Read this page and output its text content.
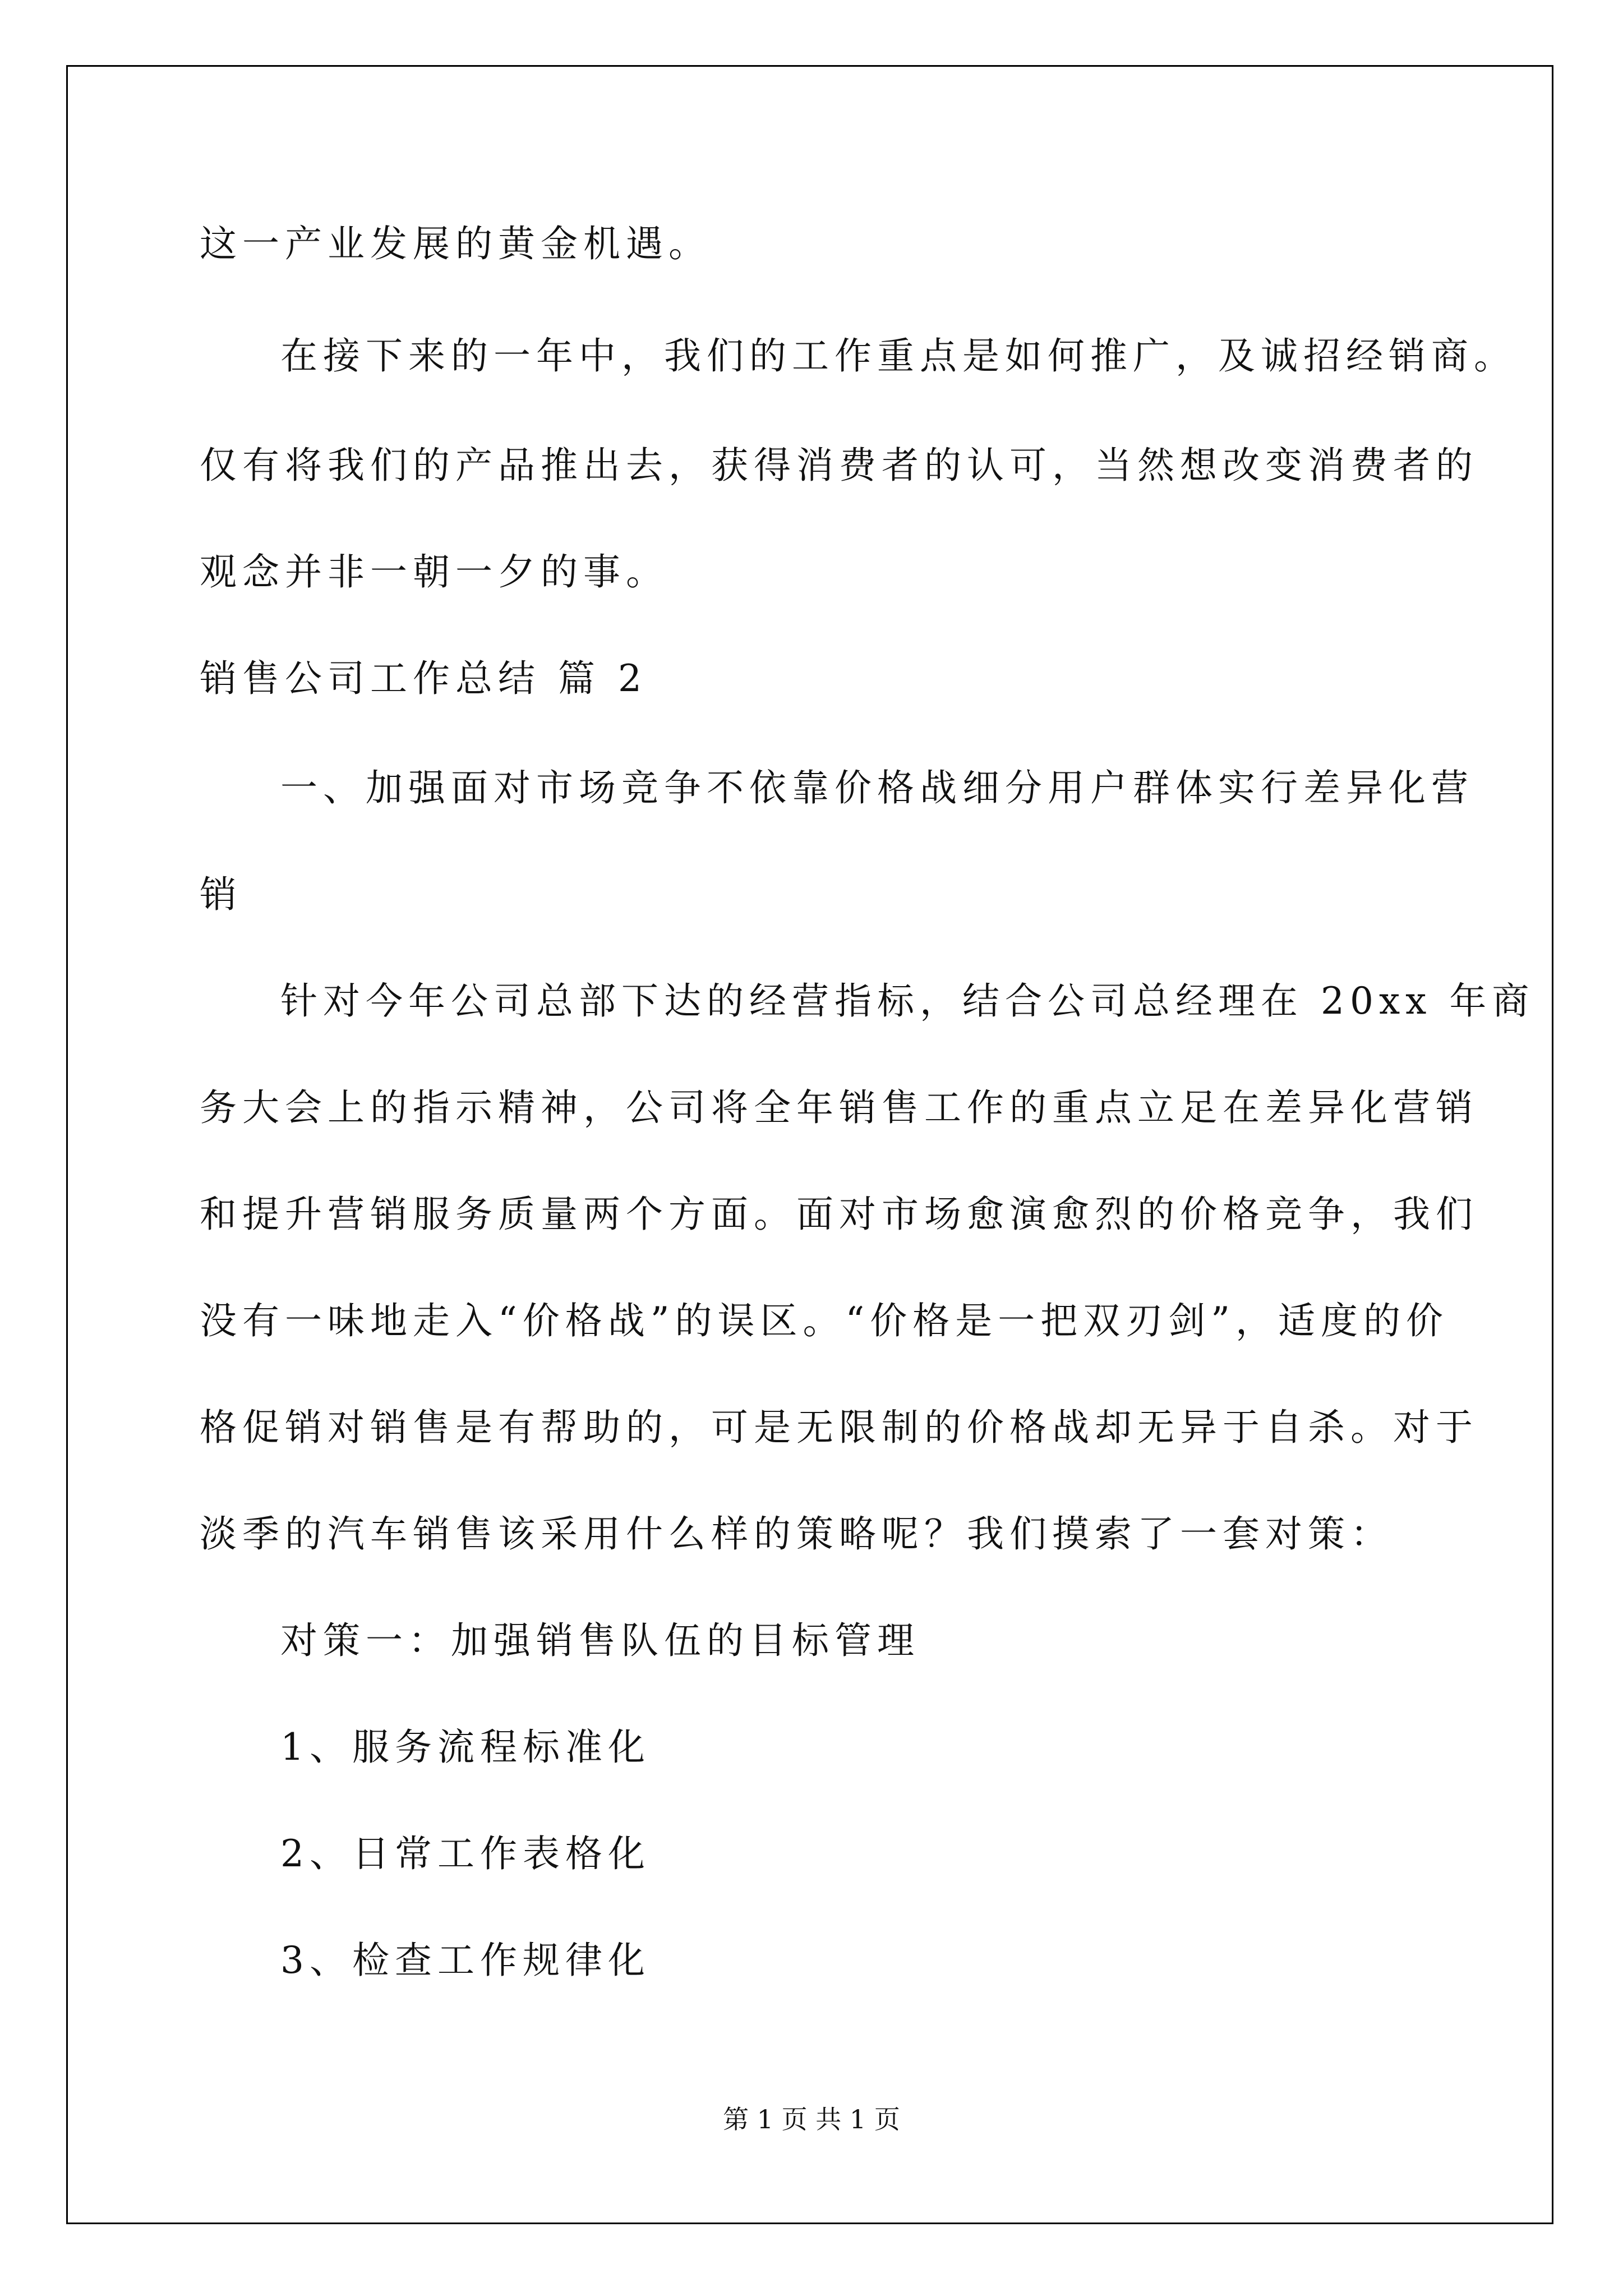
这一产业发展的黄金机遇。
在接下来的一年中，我们的工作重点是如何推广，及诚招经销商。
仅有将我们的产品推出去，获得消费者的认可，当然想改变消费者的
观念并非一朝一夕的事。
销售公司工作总结 篇 2
一、加强面对市场竞争不依靠价格战细分用户群体实行差异化营
销
针对今年公司总部下达的经营指标，结合公司总经理在 20xx 年商
务大会上的指示精神，公司将全年销售工作的重点立足在差异化营销
和提升营销服务质量两个方面。面对市场愈演愈烈的价格竞争，我们
没有一味地走入“价格战”的误区。“价格是一把双刃剑”，适度的价
格促销对销售是有帮助的，可是无限制的价格战却无异于自杀。对于
淡季的汽车销售该采用什么样的策略呢？我们摸索了一套对策：
对策一：加强销售队伍的目标管理
1、服务流程标准化
2、日常工作表格化
3、检查工作规律化
第 1 页 共 1 页
